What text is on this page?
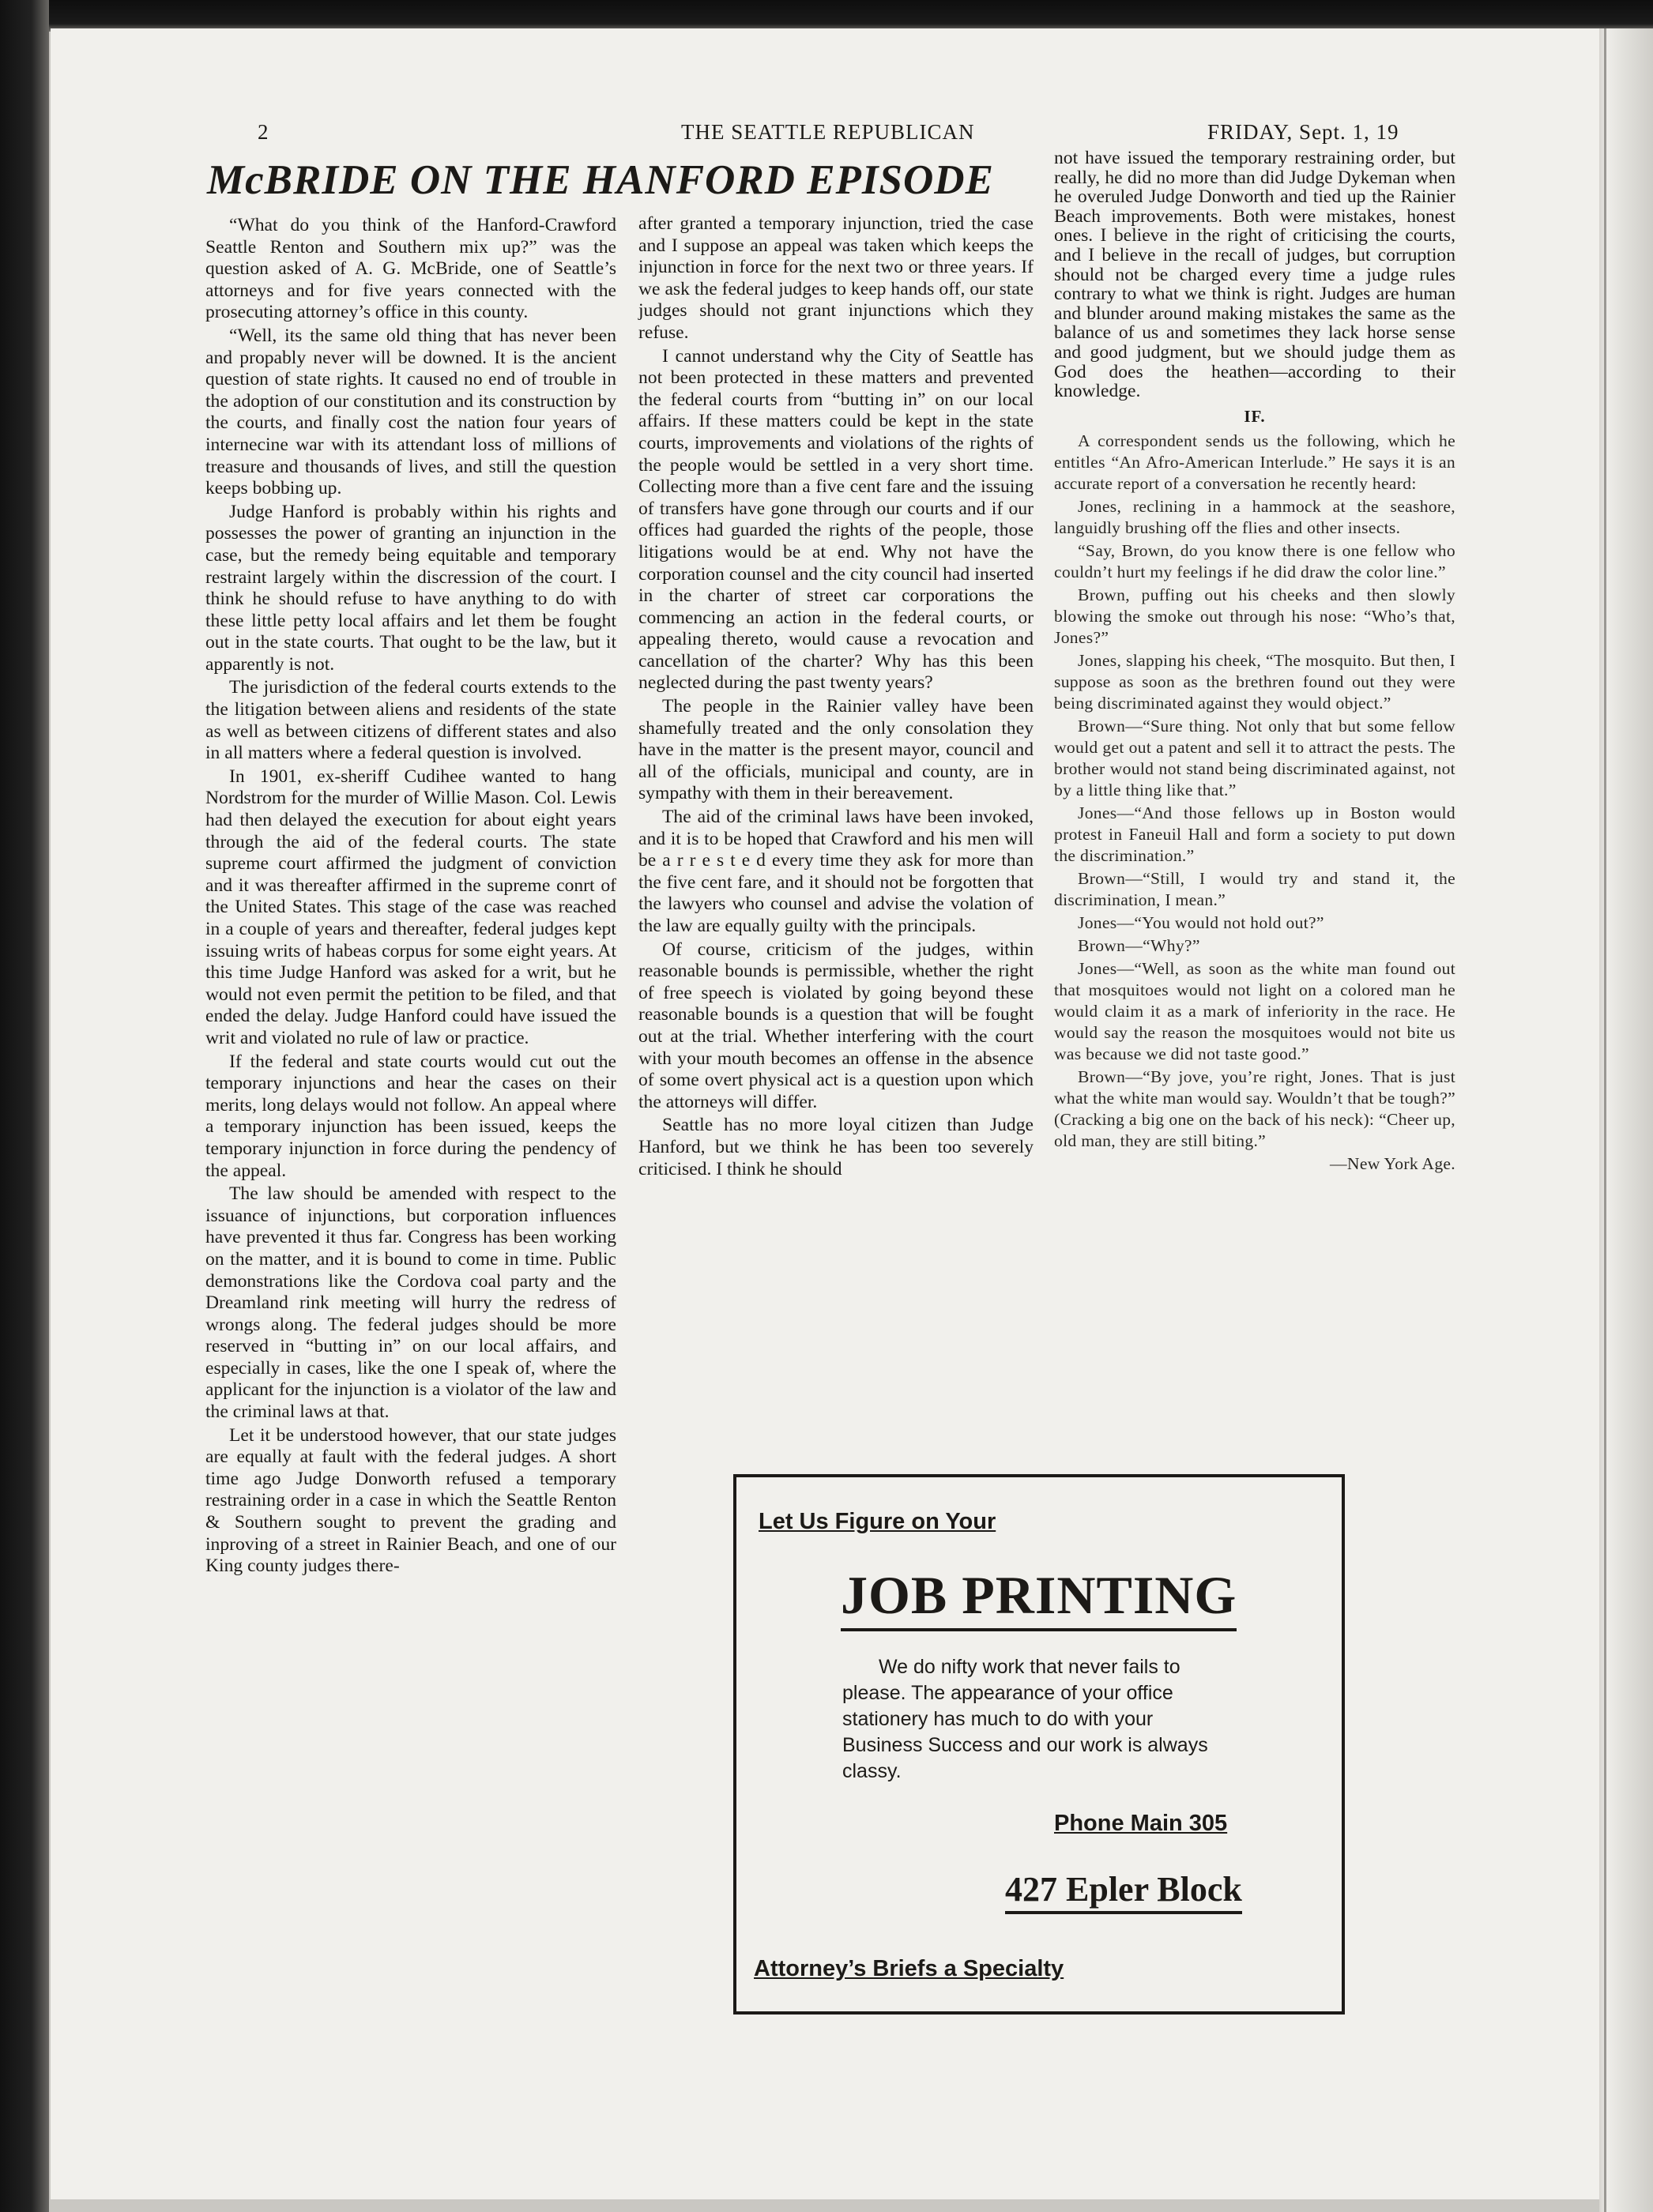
2	THE SEATTLE REPUBLICAN	FRIDAY, Sept. 1, 19
McBRIDE ON THE HANFORD EPISODE

“What do you think of the Hanford-Crawford Seattle Renton and Southern mix up?” was the question asked of A. G. McBride, one of Seattle’s attorneys and for five years connected with the prosecuting attorney’s office in this county.

“Well, its the same old thing that has never been and propably never will be downed. It is the ancient question of state rights. It caused no end of trouble in the adoption of our constitution and its construction by the courts, and finally cost the nation four years of internecine war with its attendant loss of millions of treasure and thousands of lives, and still the question keeps bobbing up.

Judge Hanford is probably within his rights and possesses the power of granting an injunction in the case, but the remedy being equitable and temporary restraint largely within the discression of the court. I think he should refuse to have anything to do with these little petty local affairs and let them be fought out in the state courts. That ought to be the law, but it apparently is not.

The jurisdiction of the federal courts extends to the the litigation between aliens and residents of the state as well as between citizens of different states and also in all matters where a federal question is involved.

In 1901, ex-sheriff Cudihee wanted to hang Nordstrom for the murder of Willie Mason. Col. Lewis had then delayed the execution for about eight years through the aid of the federal courts. The state supreme court affirmed the judgment of conviction and it was thereafter affirmed in the supreme conrt of the United States. This stage of the case was reached in a couple of years and thereafter, federal judges kept issuing writs of habeas corpus for some eight years. At this time Judge Hanford was asked for a writ, but he would not even permit the petition to be filed, and that ended the delay. Judge Hanford could have issued the writ and violated no rule of law or practice.

If the federal and state courts would cut out the temporary injunctions and hear the cases on their merits, long delays would not follow. An appeal where a temporary injunction has been issued, keeps the temporary injunction in force during the pendency of the appeal.

The law should be amended with respect to the issuance of injunctions, but corporation influences have prevented it thus far. Congress has been working on the matter, and it is bound to come in time. Public demonstrations like the Cordova coal party and the Dreamland rink meeting will hurry the redress of wrongs along. The federal judges should be more reserved in “butting in” on our local affairs, and especially in cases, like the one I speak of, where the applicant for the injunction is a violator of the law and the criminal laws at that.

Let it be understood however, that our state judges are equally at fault with the federal judges. A short time ago Judge Donworth refused a temporary restraining order in a case in which the Seattle Renton & Southern sought to prevent the grading and inproving of a street in Rainier Beach, and one of our King county judges there-

after granted a temporary injunction, tried the case and I suppose an appeal was taken which keeps the injunction in force for the next two or three years. If we ask the federal judges to keep hands off, our state judges should not grant injunctions which they refuse.

I cannot understand why the City of Seattle has not been protected in these matters and prevented the federal courts from “butting in” on our local affairs. If these matters could be kept in the state courts, improvements and violations of the rights of the people would be settled in a very short time. Collecting more than a five cent fare and the issuing of transfers have gone through our courts and if our offices had guarded the rights of the people, those litigations would be at end. Why not have the corporation counsel and the city council had inserted in the charter of street car corporations the commencing an action in the federal courts, or appealing thereto, would cause a revocation and cancellation of the charter? Why has this been neglected during the past twenty years?

The people in the Rainier valley have been shamefully treated and the only consolation they have in the matter is the present mayor, council and all of the officials, municipal and county, are in sympathy with them in their bereavement.

The aid of the criminal laws have been invoked, and it is to be hoped that Crawford and his men will be a r r e s t e d every time they ask for more than the five cent fare, and it should not be forgotten that the lawyers who counsel and advise the volation of the law are equally guilty with the principals.

Of course, criticism of the judges, within reasonable bounds is permissible, whether the right of free speech is violated by going beyond these reasonable bounds is a question that will be fought out at the trial. Whether interfering with the court with your mouth becomes an offense in the absence of some overt physical act is a question upon which the attorneys will differ.

Seattle has no more loyal citizen than Judge Hanford, but we think he has been too severely criticised. I think he should

not have issued the temporary restraining order, but really, he did no more than did Judge Dykeman when he overuled Judge Donworth and tied up the Rainier Beach improvements. Both were mistakes, honest ones. I believe in the right of criticising the courts, and I believe in the recall of judges, but corruption should not be charged every time a judge rules contrary to what we think is right. Judges are human and blunder around making mistakes the same as the balance of us and sometimes they lack horse sense and good judgment, but we should judge them as God does the heathen—according to their knowledge.

IF.

A correspondent sends us the following, which he entitles “An Afro-American Interlude.” He says it is an accurate report of a conversation he recently heard:

Jones, reclining in a hammock at the seashore, languidly brushing off the flies and other insects.

“Say, Brown, do you know there is one fellow who couldn’t hurt my feelings if he did draw the color line.”

Brown, puffing out his cheeks and then slowly blowing the smoke out through his nose: “Who’s that, Jones?”

Jones, slapping his cheek, “The mosquito. But then, I suppose as soon as the brethren found out they were being discriminated against they would object.”

Brown—“Sure thing. Not only that but some fellow would get out a patent and sell it to attract the pests. The brother would not stand being discriminated against, not by a little thing like that.”

Jones—“And those fellows up in Boston would protest in Faneuil Hall and form a society to put down the discrimination.”

Brown—“Still, I would try and stand it, the discrimination, I mean.”

Jones—“You would not hold out?”

Brown—“Why?”

Jones—“Well, as soon as the white man found out that mosquitoes would not light on a colored man he would claim it as a mark of inferiority in the race. He would say the reason the mosquitoes would not bite us was because we did not taste good.”

Brown—“By jove, you’re right, Jones. That is just what the white man would say. Wouldn’t that be tough?” (Cracking a big one on the back of his neck): “Cheer up, old man, they are still biting.”

—New York Age.

Let Us Figure on Your
JOB PRINTING

We do nifty work that never fails to please. The appearance of your office stationery has much to do with your Business Success and our work is always classy.

Phone Main 305
427 Epler Block
Attorney’s Briefs a Specialty
